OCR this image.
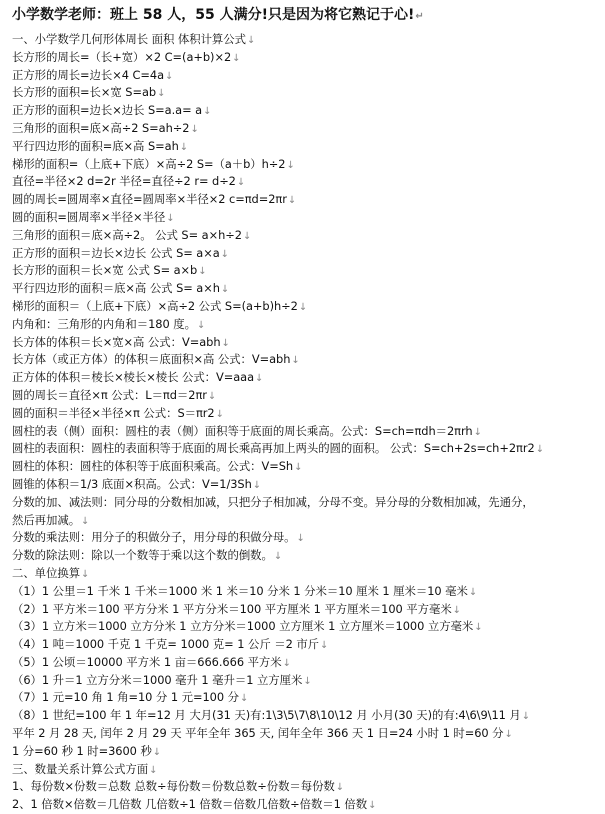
小学数学老师：班上 58 人，55 人满分!只是因为将它熟记于心!↵
一、小学数学几何形体周长 面积 体积计算公式↓
长方形的周长=（长+宽）×2 C=(a+b)×2↓
正方形的周长=边长×4 C=4a↓
长方形的面积=长×宽 S=ab↓
正方形的面积=边长×边长 S=a.a= a↓
三角形的面积=底×高÷2 S=ah÷2↓
平行四边形的面积=底×高 S=ah↓
梯形的面积=（上底+下底）×高÷2 S=（a＋b）h÷2↓
直径=半径×2 d=2r 半径=直径÷2 r= d÷2↓
圆的周长=圆周率×直径=圆周率×半径×2 c=πd=2πr↓
圆的面积=圆周率×半径×半径↓
三角形的面积＝底×高÷2。 公式 S= a×h÷2↓
正方形的面积＝边长×边长 公式 S= a×a↓
长方形的面积＝长×宽 公式 S= a×b↓
平行四边形的面积＝底×高 公式 S= a×h↓
梯形的面积＝（上底+下底）×高÷2 公式 S=(a+b)h÷2↓
内角和：三角形的内角和＝180 度。↓
长方体的体积＝长×宽×高 公式：V=abh↓
长方体（或正方体）的体积＝底面积×高 公式：V=abh↓
正方体的体积＝棱长×棱长×棱长 公式：V=aaa↓
圆的周长＝直径×π 公式：L＝πd＝2πr↓
圆的面积＝半径×半径×π 公式：S＝πr2↓
圆柱的表（侧）面积：圆柱的表（侧）面积等于底面的周长乘高。公式：S=ch=πdh＝2πrh↓
圆柱的表面积：圆柱的表面积等于底面的周长乘高再加上两头的圆的面积。 公式：S=ch+2s=ch+2πr2↓
圆柱的体积：圆柱的体积等于底面积乘高。公式：V=Sh↓
圆锥的体积＝1/3 底面×积高。公式：V=1/3Sh↓
分数的加、减法则：同分母的分数相加减，只把分子相加减，分母不变。异分母的分数相加减，先通分，
然后再加减。↓
分数的乘法则：用分子的积做分子，用分母的积做分母。↓
分数的除法则：除以一个数等于乘以这个数的倒数。↓
二、单位换算↓
（1）1 公里＝1 千米 1 千米＝1000 米 1 米＝10 分米 1 分米＝10 厘米 1 厘米＝10 毫米↓
（2）1 平方米＝100 平方分米 1 平方分米＝100 平方厘米 1 平方厘米＝100 平方毫米↓
（3）1 立方米＝1000 立方分米 1 立方分米＝1000 立方厘米 1 立方厘米＝1000 立方毫米↓
（4）1 吨＝1000 千克 1 千克= 1000 克= 1 公斤 ＝2 市斤↓
（5）1 公顷＝10000 平方米 1 亩＝666.666 平方米↓
（6）1 升＝1 立方分米＝1000 毫升 1 毫升＝1 立方厘米↓
（7）1 元=10 角 1 角=10 分 1 元=100 分↓
（8）1 世纪=100 年 1 年=12 月 大月(31 天)有:1\3\5\7\8\10\12 月 小月(30 天)的有:4\6\9\11 月↓
平年 2 月 28 天, 闰年 2 月 29 天 平年全年 365 天, 闰年全年 366 天 1 日=24 小时 1 时=60 分↓
1 分=60 秒 1 时=3600 秒↓
三、数量关系计算公式方面↓
1、每份数×份数＝总数 总数÷每份数＝份数总数÷份数＝每份数↓
2、1 倍数×倍数＝几倍数 几倍数÷1 倍数＝倍数几倍数÷倍数＝1 倍数↓
